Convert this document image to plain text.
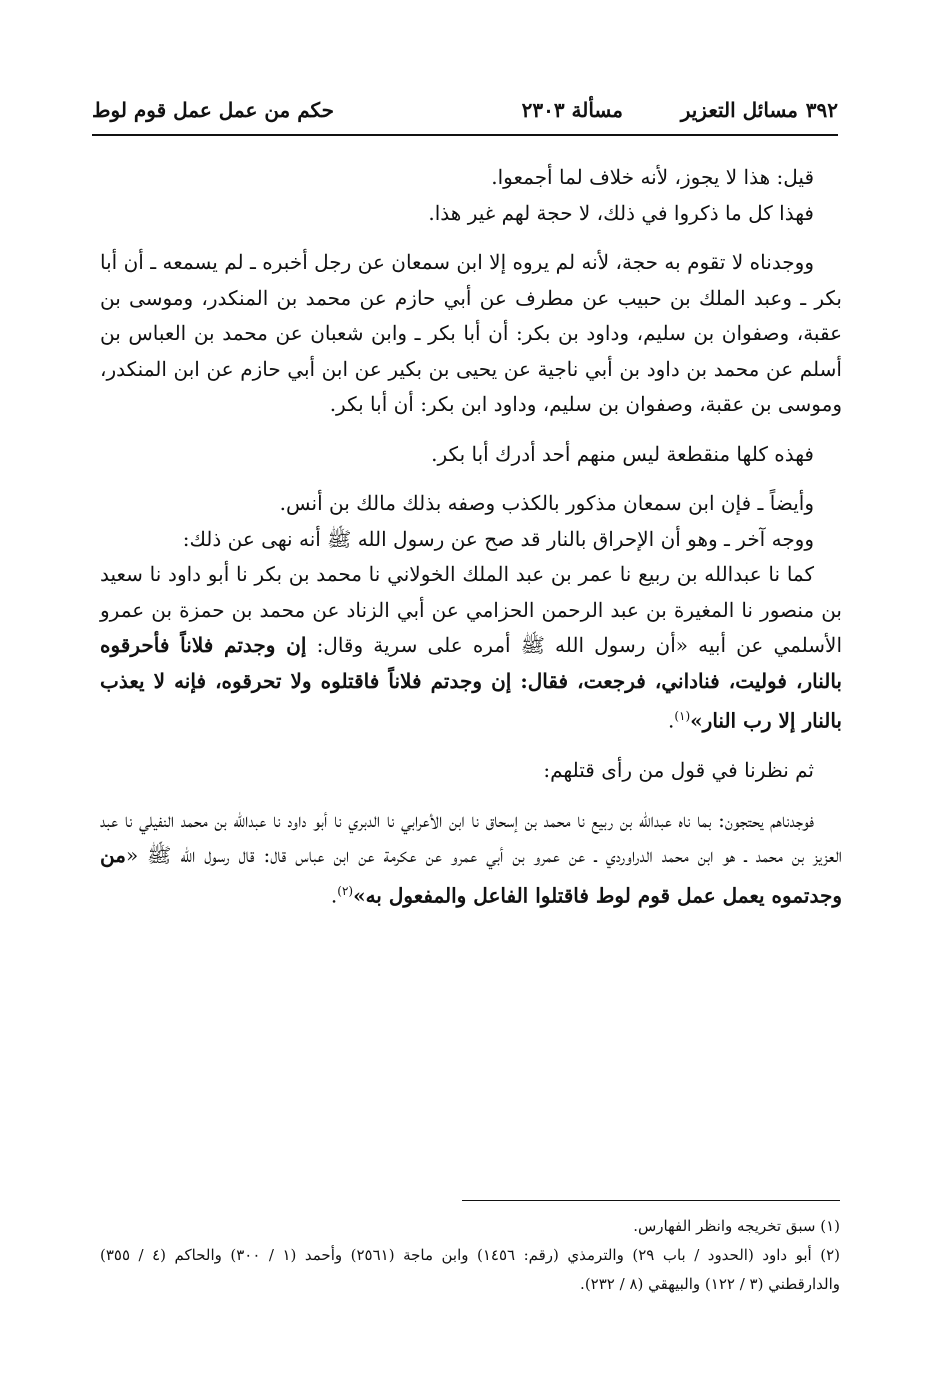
٣٩٢
مسائل التعزير
مسألة ٢٣٠٣
حكم من عمل عمل قوم لوط

قيل: هذا لا يجوز، لأنه خلاف لما أجمعوا.

فهذا كل ما ذكروا في ذلك، لا حجة لهم غير هذا.

ووجدناه لا تقوم به حجة، لأنه لم يروه إلا ابن سمعان عن رجل أخبره ـ لم يسمعه ـ أن أبا بكر ـ وعبد الملك بن حبيب عن مطرف عن أبي حازم عن محمد بن المنكدر، وموسى بن عقبة، وصفوان بن سليم، وداود بن بكر: أن أبا بكر ـ وابن شعبان عن محمد بن العباس بن أسلم عن محمد بن داود بن أبي ناجية عن يحيى بن بكير عن ابن أبي حازم عن ابن المنكدر، وموسى بن عقبة، وصفوان بن سليم، وداود ابن بكر: أن أبا بكر.

فهذه كلها منقطعة ليس منهم أحد أدرك أبا بكر.

وأيضاً ـ فإن ابن سمعان مذكور بالكذب وصفه بذلك مالك بن أنس.

ووجه آخر ـ وهو أن الإحراق بالنار قد صح عن رسول الله ﷺ أنه نهى عن ذلك:

كما نا عبدالله بن ربيع نا عمر بن عبد الملك الخولاني نا محمد بن بكر نا أبو داود نا سعيد بن منصور نا المغيرة بن عبد الرحمن الحزامي عن أبي الزناد عن محمد بن حمزة بن عمرو الأسلمي عن أبيه «أن رسول الله ﷺ أمره على سرية وقال: إن وجدتم فلاناً فأحرقوه بالنار، فوليت، فناداني، فرجعت، فقال: إن وجدتم فلاناً فاقتلوه ولا تحرقوه، فإنه لا يعذب بالنار إلا رب النار»$^{(١)}$.

ثم نظرنا في قول من رأى قتلهم:

فوجدناهم يحتجون: بما ناه عبدالله بن ربيع نا محمد بن إسحاق نا ابن الأعرابي نا الدبري نا أبو داود نا عبدالله بن محمد النفيلي نا عبد العزيز بن محمد ـ هو ابن محمد الدراوردي ـ عن عمرو بن أبي عمرو عن عكرمة عن ابن عباس قال: قال رسول الله ﷺ «من وجدتموه يعمل عمل قوم لوط فاقتلوا الفاعل والمفعول به»$^{(٢)}$.

(١) سبق تخريجه وانظر الفهارس.

(٢) أبو داود (الحدود / باب ٢٩) والترمذي (رقم: ١٤٥٦) وابن ماجة (٢٥٦١) وأحمد (١ / ٣٠٠) والحاكم (٤ / ٣٥٥) والدارقطني (٣ / ١٢٢) والبيهقي (٨ / ٢٣٢).
